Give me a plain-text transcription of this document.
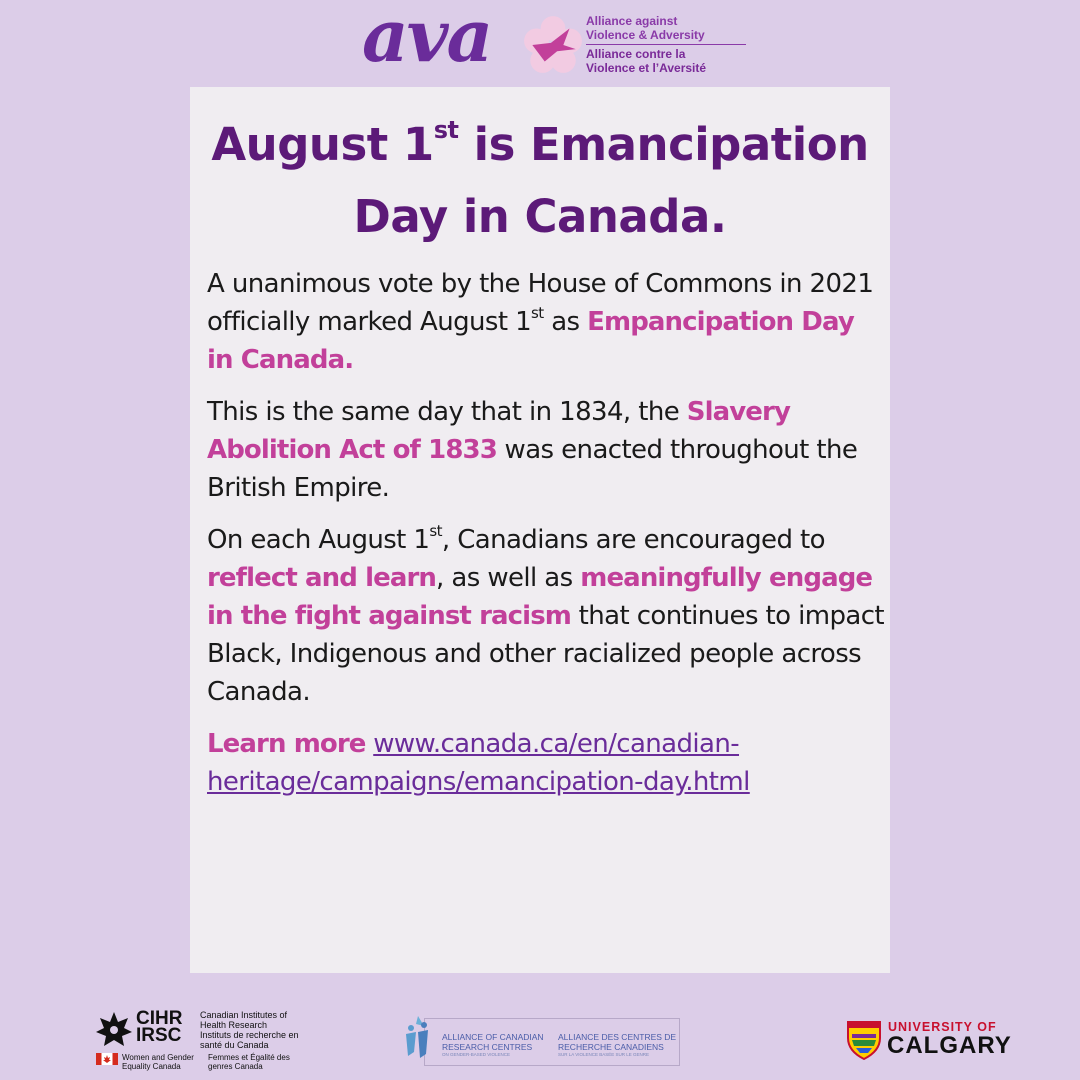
ava	Alliance against
Violence & Adversity
Alliance contre la
Violence et l’Aversité
August 1st is Emancipation Day in Canada.

A unanimous vote by the House of Commons in 2021 officially marked August 1st as Empancipation Day in Canada.

This is the same day that in 1834, the Slavery Abolition Act of 1833 was enacted throughout the British Empire.

On each August 1st, Canadians are encouraged to reflect and learn, as well as meaningfully engage in the fight against racism that continues to impact Black, Indigenous and other racialized people across Canada.

Learn more www.canada.ca/en/canadian-heritage/campaigns/emancipation-day.html

CIHR
IRSC
Canadian Institutes of Health Research
Instituts de recherche en santé du Canada
Women and Gender Equality Canada
Femmes et Égalité des genres Canada
ALLIANCE OF CANADIAN RESEARCH CENTRES
ON GENDER-BASED VIOLENCE
ALLIANCE DES CENTRES DE RECHERCHE CANADIENS
SUR LA VIOLENCE BASÉE SUR LE GENRE
UNIVERSITY OF
CALGARY
